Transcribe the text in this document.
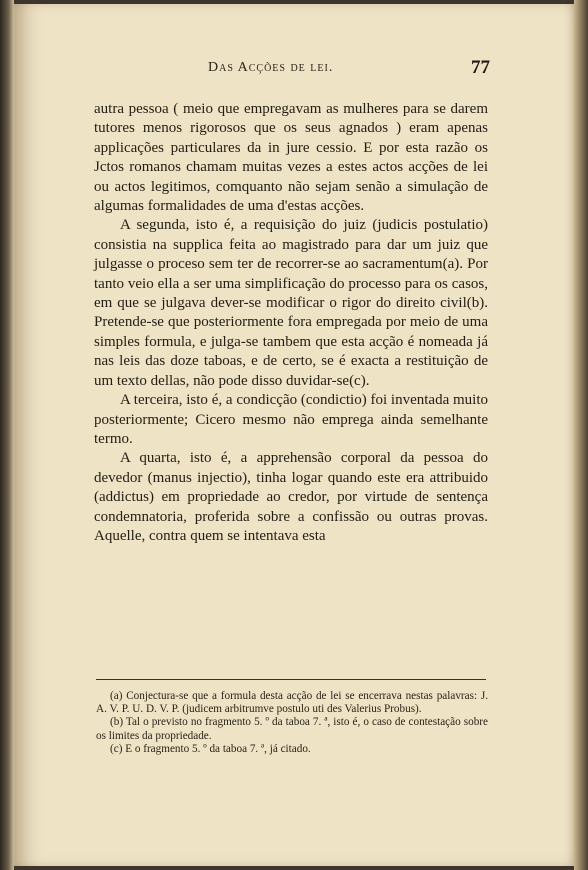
Das Acções de lei.	77

autra pessoa ( meio que empregavam as mulheres para se darem tutores menos rigorosos que os seus agnados ) eram apenas applicações particulares da in jure cessio. E por esta razão os Jctos romanos chamam muitas vezes a estes actos acções de lei ou actos legitimos, comquanto não sejam senão a simulação de algumas formalidades de uma d'estas acções.

A segunda, isto é, a requisição do juiz (judicis postulatio) consistia na supplica feita ao magistrado para dar um juiz que julgasse o proceso sem ter de recorrer-se ao sacramentum(a). Por tanto veio ella a ser uma simplificação do processo para os casos, em que se julgava dever-se modificar o rigor do direito civil(b). Pretende-se que posteriormente fora empregada por meio de uma simples formula, e julga-se tambem que esta acção é nomeada já nas leis das doze taboas, e de certo, se é exacta a restituição de um texto dellas, não pode disso duvidar-se(c).

A terceira, isto é, a condicção (condictio) foi inventada muito posteriormente; Cicero mesmo não emprega ainda semelhante termo.

A quarta, isto é, a apprehensão corporal da pessoa do devedor (manus injectio), tinha logar quando este era attribuido (addictus) em propriedade ao credor, por virtude de sentença condemnatoria, proferida sobre a confissão ou outras provas. Aquelle, contra quem se intentava esta

(a) Conjectura-se que a formula desta acção de lei se encerrava nestas palavras: J. A. V. P. U. D. V. P. (judicem arbitrumve postulo uti des Valerius Probus).

(b) Tal o previsto no fragmento 5. º da taboa 7. ª, isto é, o caso de contestação sobre os limites da propriedade.

(c) E o fragmento 5. º da taboa 7. ª, já citado.
